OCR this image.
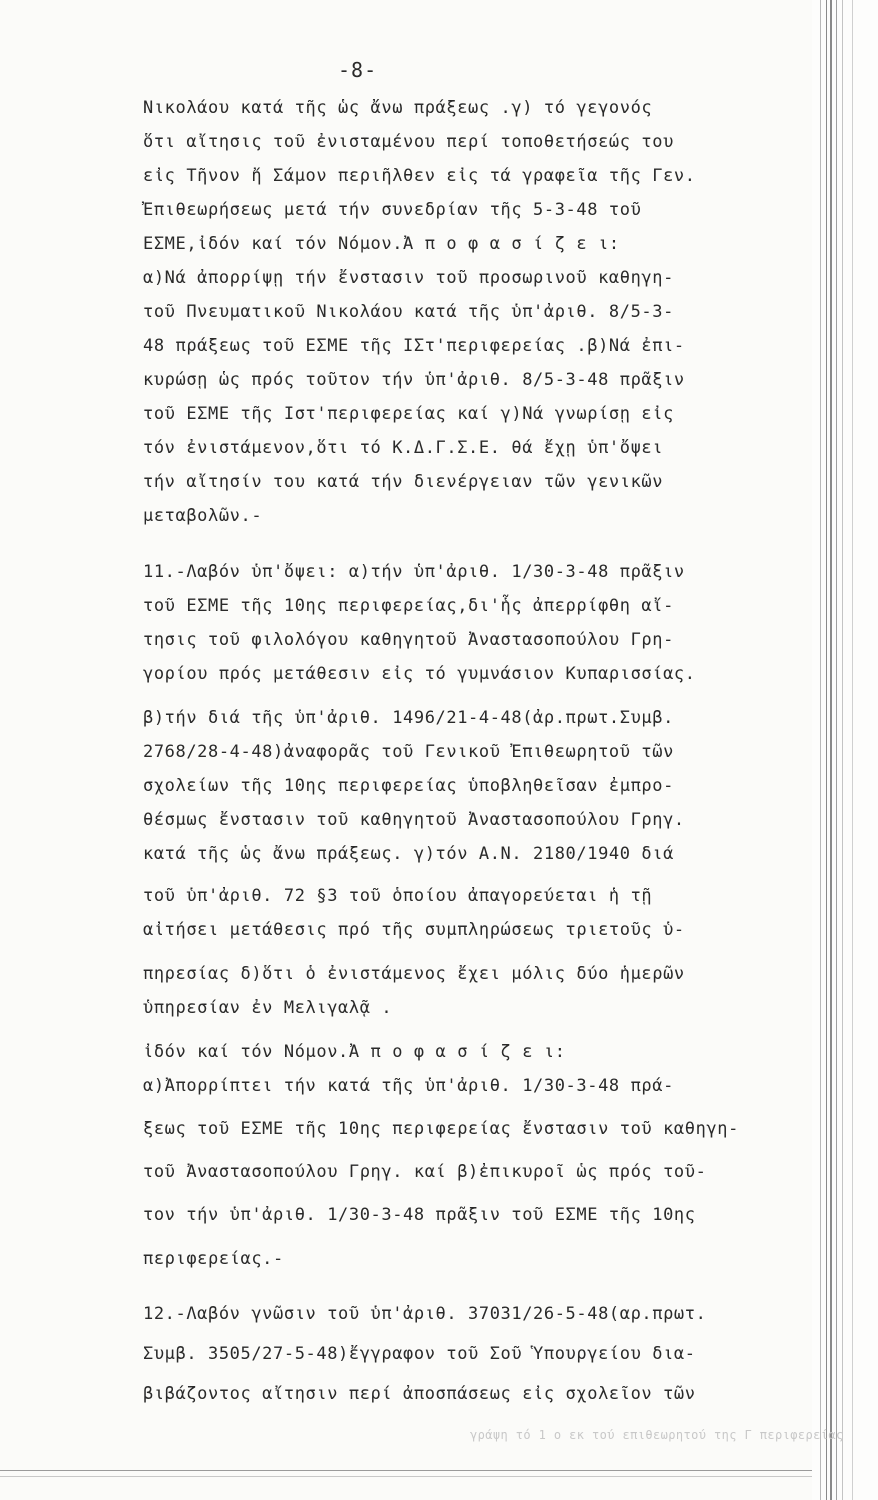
-8-
Νικολάου κατά τῆς ὡς ἄνω πράξεως .γ) τό γεγονός
ὅτι αἴτησις τοῦ ἐνισταμένου περί τοποθετήσεώς του
εἰς Τῆνον ἤ Σάμον περιῆλθεν εἰς τά γραφεῖα τῆς Γεν.
Ἐπιθεωρήσεως μετά τήν συνεδρίαν τῆς 5-3-48 τοῦ
ΕΣΜΕ,ἰδόν καί τόν Νόμον.Ἀ π ο φ α σ ί ζ ε ι:
α)Νά ἀπορρίψῃ τήν ἔνστασιν τοῦ προσωρινοῦ καθηγη-
τοῦ Πνευματικοῦ Νικολάου κατά τῆς ὑπ'ἀριθ. 8/5-3-
48 πράξεως τοῦ ΕΣΜΕ τῆς ΙΣτ'περιφερείας .β)Νά ἐπι-
κυρώσῃ ὡς πρός τοῦτον τήν ὑπ'ἀριθ. 8/5-3-48 πρᾶξιν
τοῦ ΕΣΜΕ τῆς Ιστ'περιφερείας καί γ)Νά γνωρίσῃ εἰς
τόν ἐνιστάμενον,ὅτι τό Κ.Δ.Γ.Σ.Ε. θά ἔχῃ ὑπ'ὄψει
τήν αἴτησίν του κατά τήν διενέργειαν τῶν γενικῶν
μεταβολῶν.-
11.-Λαβόν ὑπ'ὄψει: α)τήν ὑπ'ἀριθ. 1/30-3-48 πρᾶξιν
τοῦ ΕΣΜΕ τῆς 10ης περιφερείας,δι'ἧς ἀπερρίφθη αἴ-
τησις τοῦ φιλολόγου καθηγητοῦ Ἀναστασοπούλου Γρη-
γορίου πρός μετάθεσιν εἰς τό γυμνάσιον Κυπαρισσίας.
β)τήν διά τῆς ὑπ'ἀριθ. 1496/21-4-48(ἀρ.πρωτ.Συμβ.
2768/28-4-48)ἀναφορᾶς τοῦ Γενικοῦ Ἐπιθεωρητοῦ τῶν
σχολείων τῆς 10ης περιφερείας ὑποβληθεῖσαν ἐμπρο-
θέσμως ἔνστασιν τοῦ καθηγητοῦ Ἀναστασοπούλου Γρηγ.
κατά τῆς ὡς ἄνω πράξεως. γ)τόν Α.Ν. 2180/1940 διά
τοῦ ὑπ'ἀριθ. 72 §3 τοῦ ὁποίου ἀπαγορεύεται ἡ τῇ
αἰτήσει μετάθεσις πρό τῆς συμπληρώσεως τριετοῦς ὑ-
πηρεσίας δ)ὅτι ὁ ἐνιστάμενος ἔχει μόλις δύο ἡμερῶν
ὑπηρεσίαν ἐν Μελιγαλᾷ .
ἰδόν καί τόν Νόμον.Ἀ π ο φ α σ ί ζ ε ι:
α)Ἀπορρίπτει τήν κατά τῆς ὑπ'ἀριθ. 1/30-3-48 πρά-
ξεως τοῦ ΕΣΜΕ τῆς 10ης περιφερείας ἔνστασιν τοῦ καθηγη-
τοῦ Ἀναστασοπούλου Γρηγ. καί β)ἐπικυροῖ ὡς πρός τοῦ-
τον τήν ὑπ'ἀριθ. 1/30-3-48 πρᾶξιν τοῦ ΕΣΜΕ τῆς 10ης
περιφερείας.-
12.-Λαβόν γνῶσιν τοῦ ὑπ'ἀριθ. 37031/26-5-48(αρ.πρωτ.
Συμβ. 3505/27-5-48)ἔγγραφον τοῦ Σοῦ Ὑπουργείου δια-
βιβάζοντος αἴτησιν περί ἀποσπάσεως εἰς σχολεῖον τῶν
γράψη τό 1 ο εκ τού επιθεωρητού της Γ περιφερείας
